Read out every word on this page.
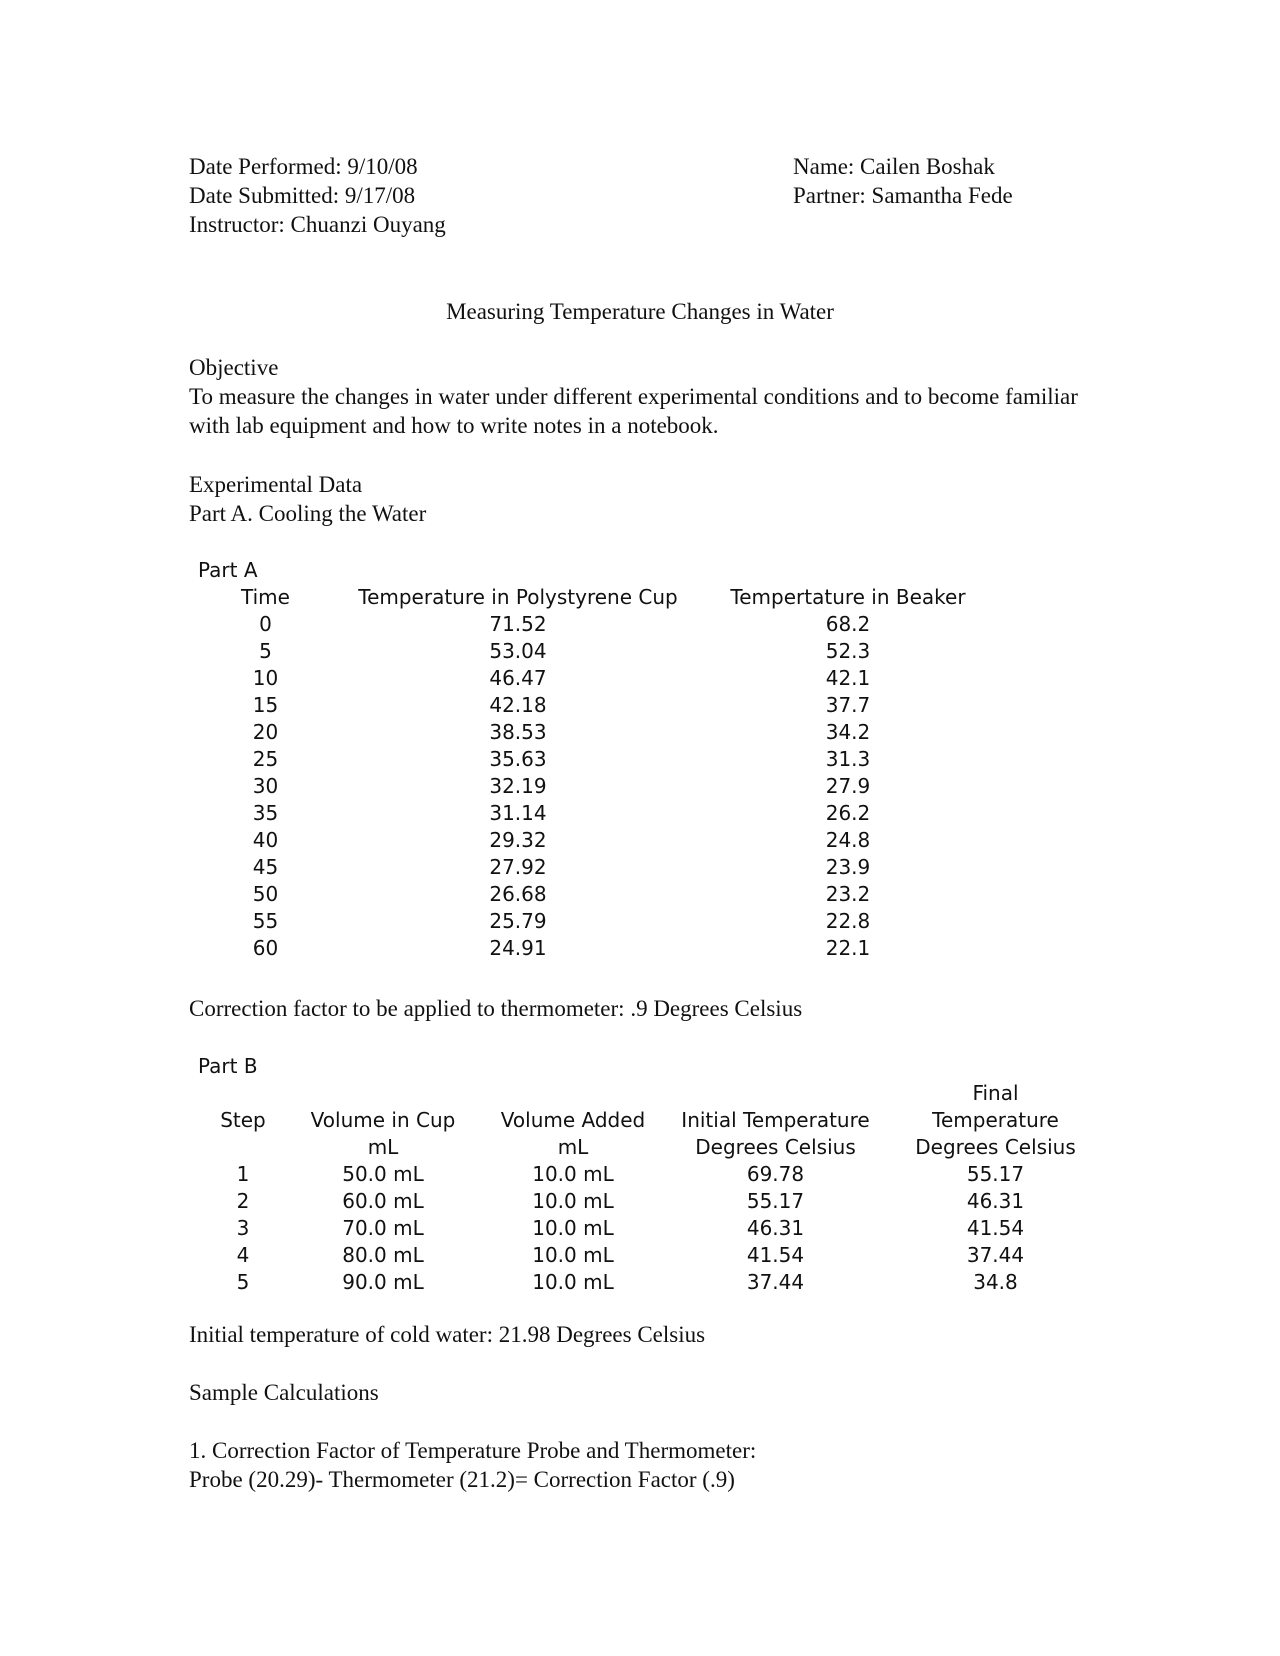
Date Performed: 9/10/08
Date Submitted: 9/17/08
Instructor: Chuanzi Ouyang
Name: Cailen Boshak
Partner: Samantha Fede
Measuring Temperature Changes in Water
Objective
To measure the changes in water under different experimental conditions and to become familiar with lab equipment and how to write notes in a notebook.
Experimental Data
Part A. Cooling the Water
Part A		
Time	Temperature in Polystyrene Cup	Tempertature in Beaker
0	71.52	68.2
5	53.04	52.3
10	46.47	42.1
15	42.18	37.7
20	38.53	34.2
25	35.63	31.3
30	32.19	27.9
35	31.14	26.2
40	29.32	24.8
45	27.92	23.9
50	26.68	23.2
55	25.79	22.8
60	24.91	22.1
Correction factor to be applied to thermometer: .9 Degrees Celsius
Part B				
				Final
Step	Volume in Cup	Volume Added	Initial Temperature	Temperature
	mL	mL	Degrees Celsius	Degrees Celsius
1	50.0 mL	10.0 mL	69.78	55.17
2	60.0 mL	10.0 mL	55.17	46.31
3	70.0 mL	10.0 mL	46.31	41.54
4	80.0 mL	10.0 mL	41.54	37.44
5	90.0 mL	10.0 mL	37.44	34.8
Initial temperature of cold water: 21.98 Degrees Celsius
Sample Calculations
1. Correction Factor of Temperature Probe and Thermometer:
Probe (20.29)- Thermometer (21.2)= Correction Factor (.9)
